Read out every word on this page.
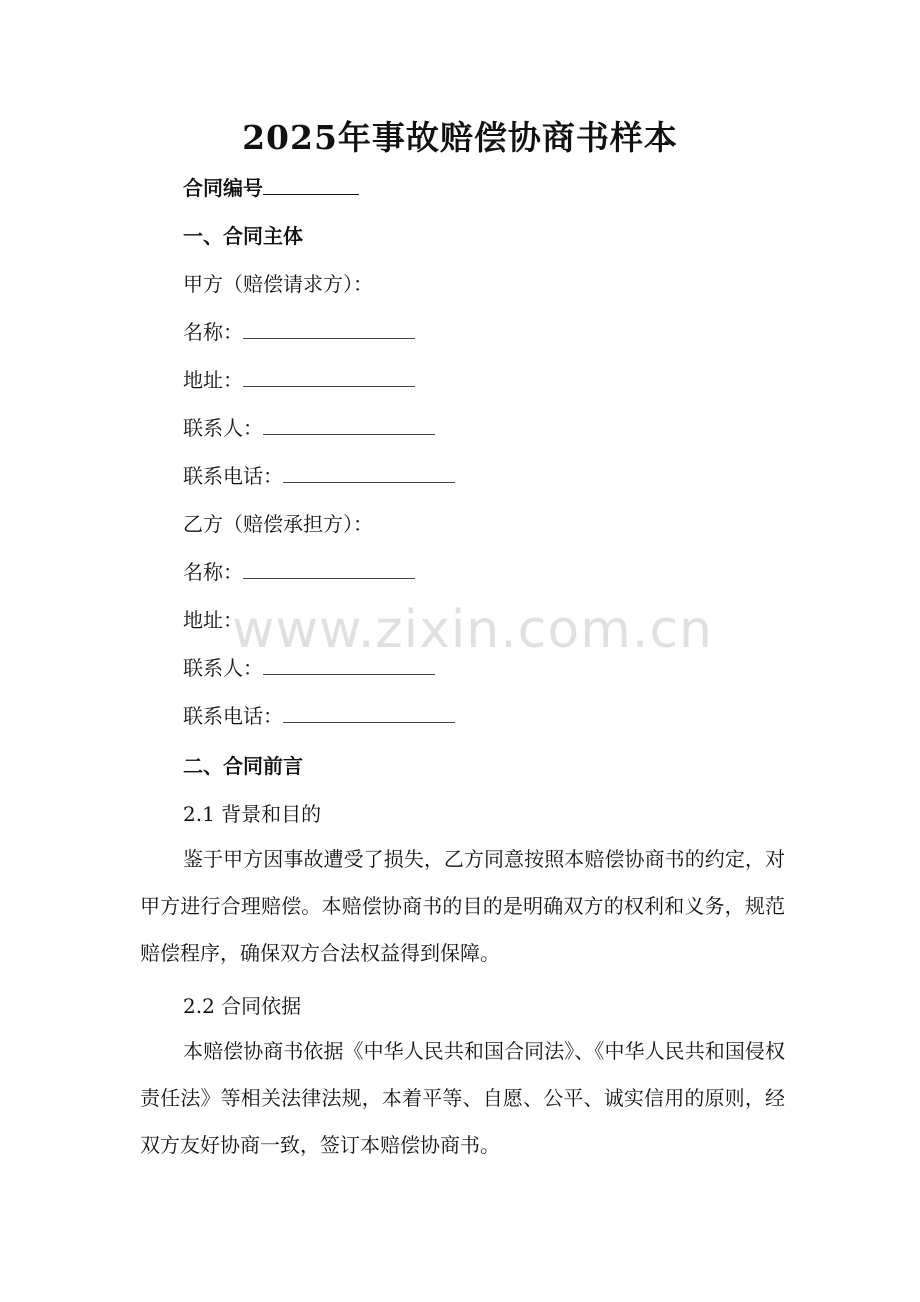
2025年事故赔偿协商书样本
合同编号
一、合同主体
甲方（赔偿请求方）：
名称：
地址：
联系人：
联系电话：
乙方（赔偿承担方）：
名称：
地址：
联系人：
联系电话：
二、合同前言
2.1 背景和目的
鉴于甲方因事故遭受了损失，乙方同意按照本赔偿协商书的约定，对甲方进行合理赔偿。本赔偿协商书的目的是明确双方的权利和义务，规范赔偿程序，确保双方合法权益得到保障。
2.2 合同依据
本赔偿协商书依据《中华人民共和国合同法》、《中华人民共和国侵权责任法》等相关法律法规，本着平等、自愿、公平、诚实信用的原则，经双方友好协商一致，签订本赔偿协商书。
www.zixin.com.cn
